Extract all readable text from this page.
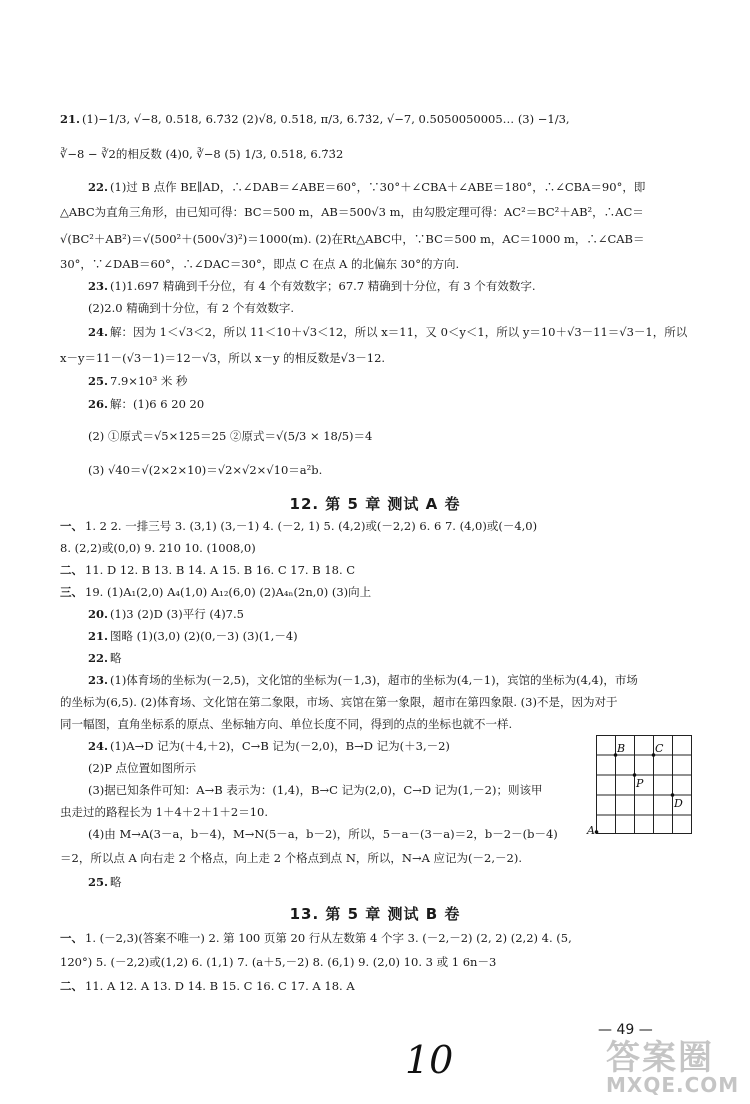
21. (1)−1/3, √−8, 0.518, 6.7̇3̇2 (2)√8, 0.518, π/3, 6.7̇3̇2, √−7, 0.5050050005… (3) −1/3,
∛−8 − ∛2的相反数 (4)0, ∛−8 (5) 1/3, 0.518, 6.7̇3̇2
22. (1)过 B 点作 BE∥AD，∴∠DAB＝∠ABE＝60°，∵30°＋∠CBA＋∠ABE＝180°，∴∠CBA＝90°，即
△ABC为直角三角形，由已知可得：BC＝500 m，AB＝500√3 m，由勾股定理可得：AC²＝BC²＋AB²，∴AC＝
√(BC²＋AB²)＝√(500²＋(500√3)²)＝1000(m). (2)在Rt△ABC中，∵BC＝500 m，AC＝1000 m，∴∠CAB＝
30°，∵∠DAB＝60°，∴∠DAC＝30°，即点 C 在点 A 的北偏东 30°的方向.
23. (1)1.697 精确到千分位，有 4 个有效数字；67.7 精确到十分位，有 3 个有效数字.
(2)2.0 精确到十分位，有 2 个有效数字.
24. 解：因为 1＜√3＜2，所以 11＜10＋√3＜12，所以 x＝11，又 0＜y＜1，所以 y＝10＋√3－11＝√3－1，所以
x－y＝11－(√3－1)＝12－√3，所以 x－y 的相反数是√3－12.
25. 7.9×10³ 米 秒
26. 解：(1)6 6 20 20
(2) ①原式＝√5×125＝25 ②原式＝√(5/3 × 18/5)＝4
(3) √40＝√(2×2×10)＝√2×√2×√10＝a²b.
12. 第 5 章 测试 A 卷
一、 1. 2 2. 一排三号 3. (3,1) (3,－1) 4. (－2, 1) 5. (4,2)或(－2,2) 6. 6 7. (4,0)或(－4,0)
8. (2,2)或(0,0) 9. 210 10. (1008,0)
二、 11. D 12. B 13. B 14. A 15. B 16. C 17. B 18. C
三、 19. (1)A₁(2,0) A₄(1,0) A₁₂(6,0) (2)A₄ₙ(2n,0) (3)向上
20. (1)3 (2)D (3)平行 (4)7.5
21. 图略 (1)(3,0) (2)(0,－3) (3)(1,－4)
22. 略
23. (1)体育场的坐标为(－2,5)，文化馆的坐标为(－1,3)，超市的坐标为(4,－1)，宾馆的坐标为(4,4)，市场
的坐标为(6,5). (2)体育场、文化馆在第二象限，市场、宾馆在第一象限，超市在第四象限. (3)不是，因为对于
同一幅图，直角坐标系的原点、坐标轴方向、单位长度不同，得到的点的坐标也就不一样.
24. (1)A→D 记为(＋4,＋2)，C→B 记为(－2,0)，B→D 记为(＋3,－2)
(2)P 点位置如图所示
(3)据已知条件可知：A→B 表示为：(1,4)，B→C 记为(2,0)，C→D 记为(1,－2)；则该甲
虫走过的路程长为 1＋4＋2＋1＋2＝10.
(4)由 M→A(3－a，b－4)，M→N(5－a，b－2)，所以，5－a－(3－a)＝2，b－2－(b－4)
＝2，所以点 A 向右走 2 个格点，向上走 2 个格点到点 N，所以，N→A 应记为(－2,－2).
25. 略
B	C
P
D
A
13. 第 5 章 测试 B 卷
一、 1. (－2,3)(答案不唯一) 2. 第 100 页第 20 行从左数第 4 个字 3. (－2,－2) (2, 2) (2,2) 4. (5,
120°) 5. (－2,2)或(1,2) 6. (1,1) 7. (a＋5,－2) 8. (6,1) 9. (2,0) 10. 3 或 1 6n－3
二、 11. A 12. A 13. D 14. B 15. C 16. C 17. A 18. A
— 49 —
10	答案圈
MXQE.COM
